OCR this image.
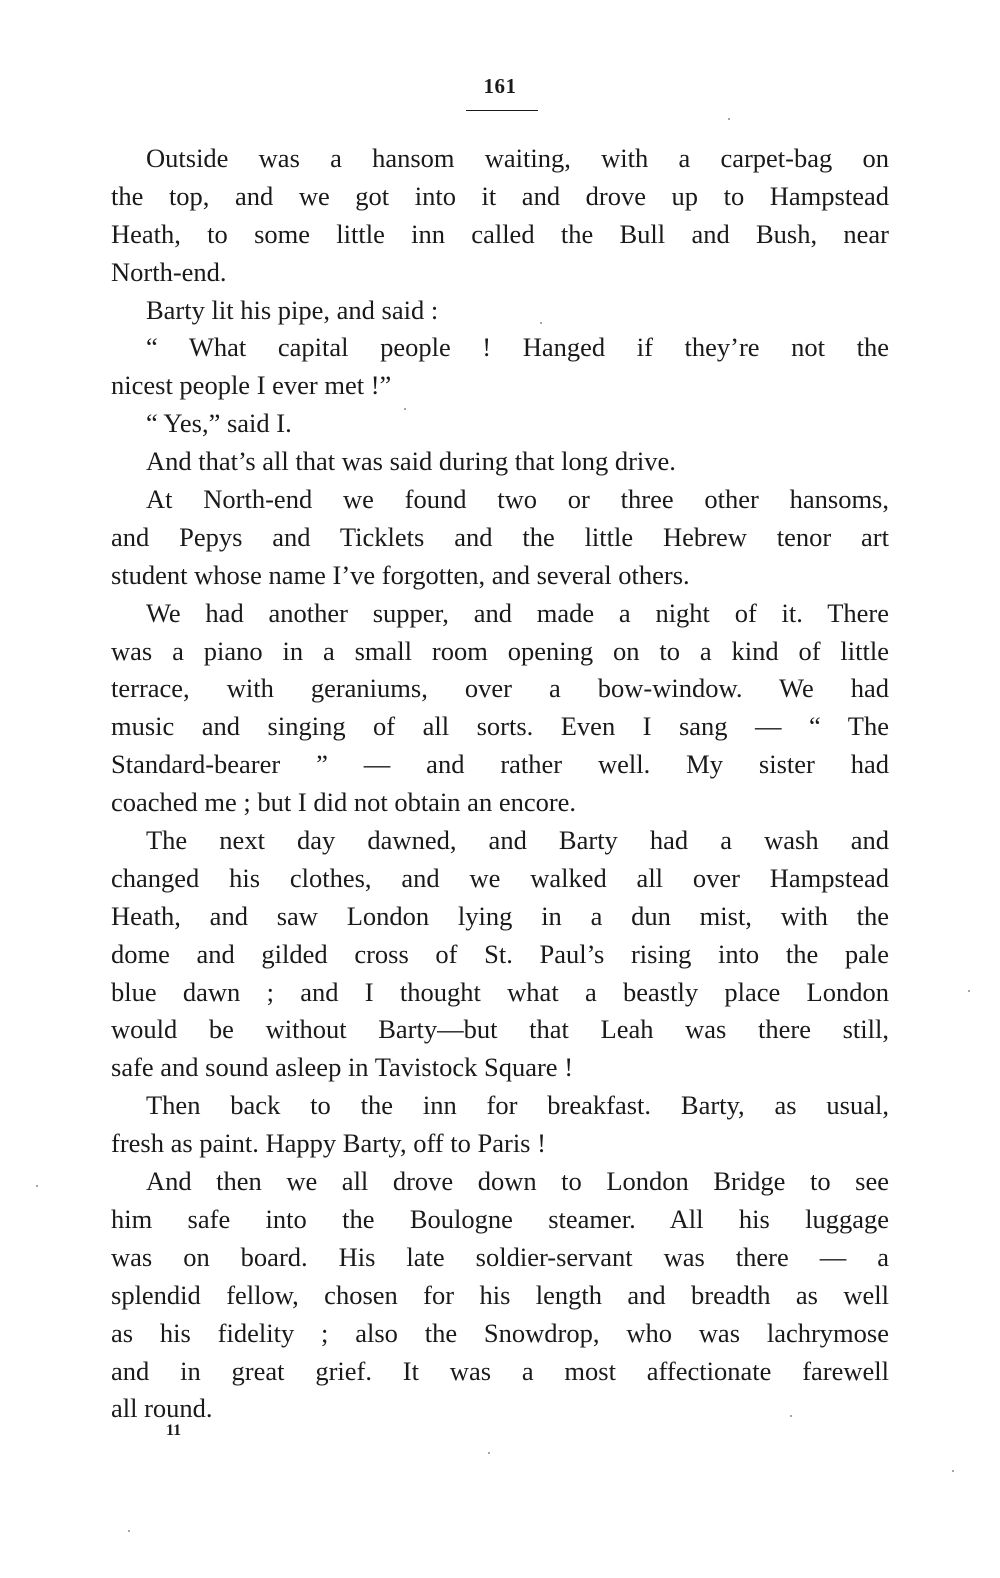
161
Outside was a hansom waiting, with a carpet-bag on
the top, and we got into it and drove up to Hampstead
Heath, to some little inn called the Bull and Bush, near
North-end.
Barty lit his pipe, and said :
“ What capital people ! Hanged if they’re not the
nicest people I ever met !”
“ Yes,” said I.
And that’s all that was said during that long drive.
At North-end we found two or three other hansoms,
and Pepys and Ticklets and the little Hebrew tenor art
student whose name I’ve forgotten, and several others.
We had another supper, and made a night of it. There
was a piano in a small room opening on to a kind of little
terrace, with geraniums, over a bow-window. We had
music and singing of all sorts. Even I sang — “ The
Standard-bearer ” — and rather well. My sister had
coached me ; but I did not obtain an encore.
The next day dawned, and Barty had a wash and
changed his clothes, and we walked all over Hampstead
Heath, and saw London lying in a dun mist, with the
dome and gilded cross of St. Paul’s rising into the pale
blue dawn ; and I thought what a beastly place London
would be without Barty—but that Leah was there still,
safe and sound asleep in Tavistock Square !
Then back to the inn for breakfast. Barty, as usual,
fresh as paint. Happy Barty, off to Paris !
And then we all drove down to London Bridge to see
him safe into the Boulogne steamer. All his luggage
was on board. His late soldier-servant was there — a
splendid fellow, chosen for his length and breadth as well
as his fidelity ; also the Snowdrop, who was lachrymose
and in great grief. It was a most affectionate farewell
all round.
11
